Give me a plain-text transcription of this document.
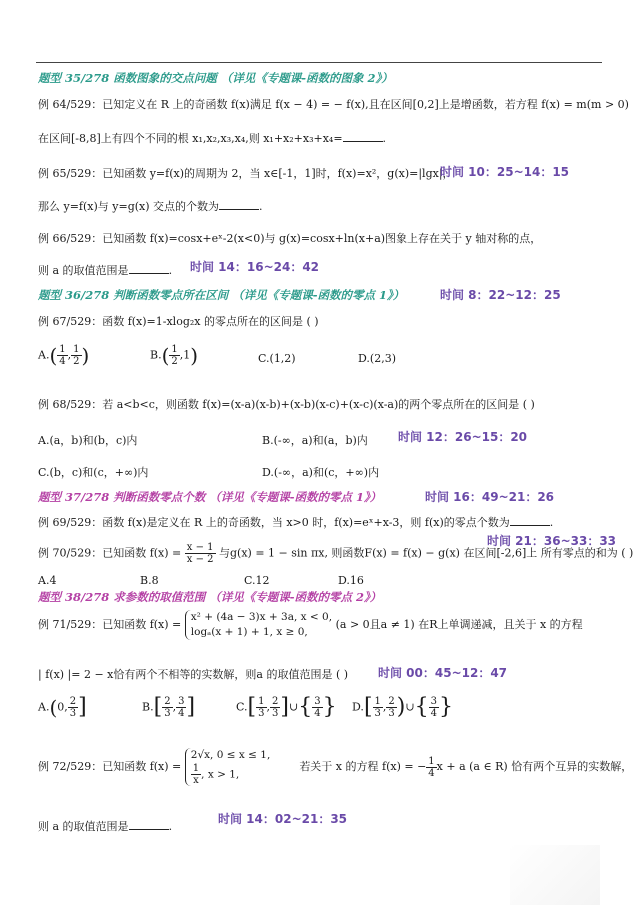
题型 35/278 函数图象的交点问题 （详见《专题课-函数的图象 2》）
例 64/529：已知定义在 R 上的奇函数 f(x)满足 f(x − 4) = − f(x),且在区间[0,2]上是增函数，若方程 f(x) = m(m > 0)
在区间[-8,8]上有四个不同的根 x₁,x₂,x₃,x₄,则 x₁+x₂+x₃+x₄=	.
例 65/529：已知函数 y=f(x)的周期为 2，当 x∈[-1，1]时，f(x)=x²，g(x)=|lgx|，
时间 10：25~14：15
那么 y=f(x)与 y=g(x) 交点的个数为	.
例 66/529：已知函数 f(x)=cosx+eˣ-2(x<0)与 g(x)=cosx+ln(x+a)图象上存在关于 y 轴对称的点，
则 a 的取值范围是	. 时间 14：16~24：42
题型 36/278 判断函数零点所在区间 （详见《专题课-函数的零点 1》）	时间 8：22~12：25
例 67/529：函数 f(x)=1-xlog₂x 的零点所在的区间是 ( )
$A.( \frac{1}{4}$ , $\frac{1}{2}$ )	$B.( \frac{1}{2} ,1)$	C.(1,2)	D.(2,3)
例 68/529：若 a<b<c，则函数 f(x)=(x-a)(x-b)+(x-b)(x-c)+(x-c)(x-a)的两个零点所在的区间是 ( )
A.(a，b)和(b，c)内	B.(-∞，a)和(a，b)内	时间 12：26~15：20
C.(b，c)和(c，+∞)内	D.(-∞，a)和(c，+∞)内
题型 37/278 判断函数零点个数 （详见《专题课-函数的零点 1》）	时间 16：49~21：26
例 69/529：函数 f(x)是定义在 R 上的奇函数，当 x>0 时，f(x)=eˣ+x-3，则 f(x)的零点个数为	.
时间 21：36~33：33
例 70/529：已知函数 $f(x) = \frac{x - 1}{x - 2}$ 与g(x) = 1 − sin πx, 则函数F(x) = f(x) − g(x) 在区间[-2,6]上 所有零点的和为 ( )
A.4	B.8	C.12	D.16
题型 38/278 求参数的取值范围 （详见《专题课-函数的零点 2》）
例 71/529：已知函数 f(x) = x² + (4a − 3)x + 3a, x < 0,
logₐ(x + 1) + 1, x ≥ 0, (a > 0且a ≠ 1) 在R上单调递减，且关于 x 的方程
| f(x) |= 2 − x恰有两个不相等的实数解，则a 的取值范围是 ( ) 时间 00：45~12：47
A.(0, $\frac{2}{3}$ ]	$B.[ \frac{2}{3}$ , $\frac{3}{4}$ ]	$C.[ \frac{1}{3}$ , $\frac{2}{3}$ ]∪{ $\frac{3}{4}$ } $D.[ \frac{1}{3}$ , $\frac{2}{3}$ )∪{ $\frac{3}{4}$ }
例 72/529：已知函数 f(x) = 2√x, 0 ≤ x ≤ 1,

$\frac{1}{x}$ , x > 1,  若关于 x 的方程 f(x) = − $\frac{1}{4}$ x + a (a ∈ R) 恰有两个互异的实数解，
则 a 的取值范围是	.
时间 14：02~21：35
